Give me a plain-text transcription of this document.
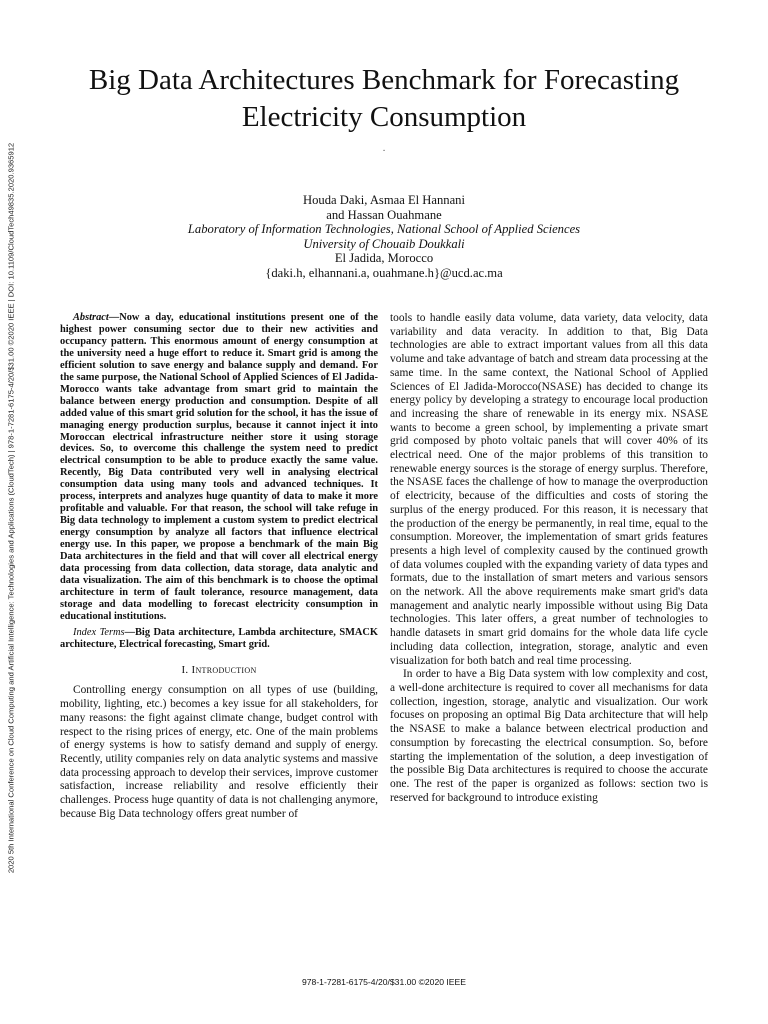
2020 5th International Conference on Cloud Computing and Artificial Intelligence: Technologies and Applications (CloudTech) | 978-1-7281-6175-4/20/$31.00 ©2020 IEEE | DOI: 10.1109/CloudTech49835.2020.9365912
Big Data Architectures Benchmark for Forecasting
Electricity Consumption
·
Houda Daki, Asmaa El Hannani
and Hassan Ouahmane
Laboratory of Information Technologies, National School of Applied Sciences
University of Chouaib Doukkali
El Jadida, Morocco
{daki.h, elhannani.a, ouahmane.h}@ucd.ac.ma

Abstract—Now a day, educational institutions present one of the highest power consuming sector due to their new activities and occupancy pattern. This enormous amount of energy consumption at the university need a huge effort to reduce it. Smart grid is among the efficient solution to save energy and balance supply and demand. For the same purpose, the National School of Applied Sciences of El Jadida-Morocco wants take advantage from smart grid to maintain the balance between energy production and consumption. Despite of all added value of this smart grid solution for the school, it has the issue of managing energy production surplus, because it cannot inject it into Moroccan electrical infrastructure neither store it using storage devices. So, to overcome this challenge the system need to predict electrical consumption to be able to produce exactly the same value. Recently, Big Data contributed very well in analysing electrical consumption data using many tools and advanced techniques. It process, interprets and analyzes huge quantity of data to make it more profitable and valuable. For that reason, the school will take refuge in Big data technology to implement a custom system to predict electrical energy consumption by analyze all factors that influence electrical energy use. In this paper, we propose a benchmark of the main Big Data architectures in the field and that will cover all electrical energy data processing from data collection, data storage, data analytic and data visualization. The aim of this benchmark is to choose the optimal architecture in term of fault tolerance, resource management, data storage and data modelling to forecast electricity consumption in educational institutions.

Index Terms—Big Data architecture, Lambda architecture, SMACK architecture, Electrical forecasting, Smart grid.

I. Introduction

Controlling energy consumption on all types of use (building, mobility, lighting, etc.) becomes a key issue for all stakeholders, for many reasons: the fight against climate change, budget control with respect to the rising prices of energy, etc. One of the main problems of energy systems is how to satisfy demand and supply of energy. Recently, utility companies rely on data analytic systems and massive data processing approach to develop their services, improve customer satisfaction, increase reliability and resolve efficiently their challenges. Process huge quantity of data is not challenging anymore, because Big Data technology offers great number of

tools to handle easily data volume, data variety, data velocity, data variability and data veracity. In addition to that, Big Data technologies are able to extract important values from all this data volume and take advantage of batch and stream data processing at the same time. In the same context, the National School of Applied Sciences of El Jadida-Morocco(NSASE) has decided to change its energy policy by developing a strategy to encourage local production and increasing the share of renewable in its energy mix. NSASE wants to become a green school, by implementing a private smart grid composed by photo voltaic panels that will cover 40% of its electrical need. One of the major problems of this transition to renewable energy sources is the storage of energy surplus. Therefore, the NSASE faces the challenge of how to manage the overproduction of electricity, because of the difficulties and costs of storing the surplus of the energy produced. For this reason, it is necessary that the production of the energy be permanently, in real time, equal to the consumption. Moreover, the implementation of smart grids features presents a high level of complexity caused by the continued growth of data volumes coupled with the expanding variety of data types and formats, due to the installation of smart meters and various sensors on the network. All the above requirements make smart grid's data management and analytic nearly impossible without using Big Data technologies. This later offers, a great number of technologies to handle datasets in smart grid domains for the whole data life cycle including data collection, integration, storage, analytic and even visualization for both batch and real time processing.

In order to have a Big Data system with low complexity and cost, a well-done architecture is required to cover all mechanisms for data collection, ingestion, storage, analytic and visualization. Our work focuses on proposing an optimal Big Data architecture that will help the NSASE to make a balance between electrical production and consumption by forecasting the electrical consumption. So, before starting the implementation of the solution, a deep investigation of the possible Big Data architectures is required to choose the accurate one. The rest of the paper is organized as follows: section two is reserved for background to introduce existing

978-1-7281-6175-4/20/$31.00 ©2020 IEEE
